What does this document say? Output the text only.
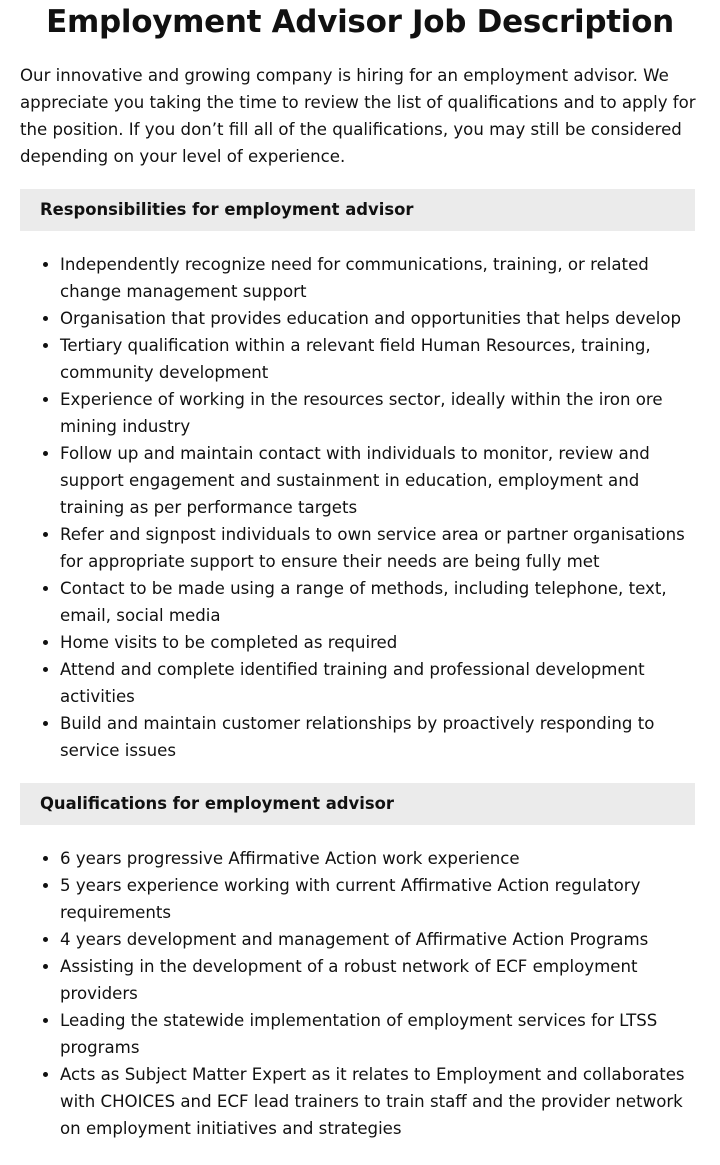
Employment Advisor Job Description

Our innovative and growing company is hiring for an employment advisor. We appreciate you taking the time to review the list of qualifications and to apply for the position. If you don’t fill all of the qualifications, you may still be considered depending on your level of experience.

Responsibilities for employment advisor
• Independently recognize need for communications, training, or related change management support
• Organisation that provides education and opportunities that helps develop
• Tertiary qualification within a relevant field Human Resources, training, community development
• Experience of working in the resources sector, ideally within the iron ore mining industry
• Follow up and maintain contact with individuals to monitor, review and support engagement and sustainment in education, employment and training as per performance targets
• Refer and signpost individuals to own service area or partner organisations for appropriate support to ensure their needs are being fully met
• Contact to be made using a range of methods, including telephone, text, email, social media
• Home visits to be completed as required
• Attend and complete identified training and professional development activities
• Build and maintain customer relationships by proactively responding to service issues
Qualifications for employment advisor
• 6 years progressive Affirmative Action work experience
• 5 years experience working with current Affirmative Action regulatory requirements
• 4 years development and management of Affirmative Action Programs
• Assisting in the development of a robust network of ECF employment providers
• Leading the statewide implementation of employment services for LTSS programs
• Acts as Subject Matter Expert as it relates to Employment and collaborates with CHOICES and ECF lead trainers to train staff and the provider network on employment initiatives and strategies
